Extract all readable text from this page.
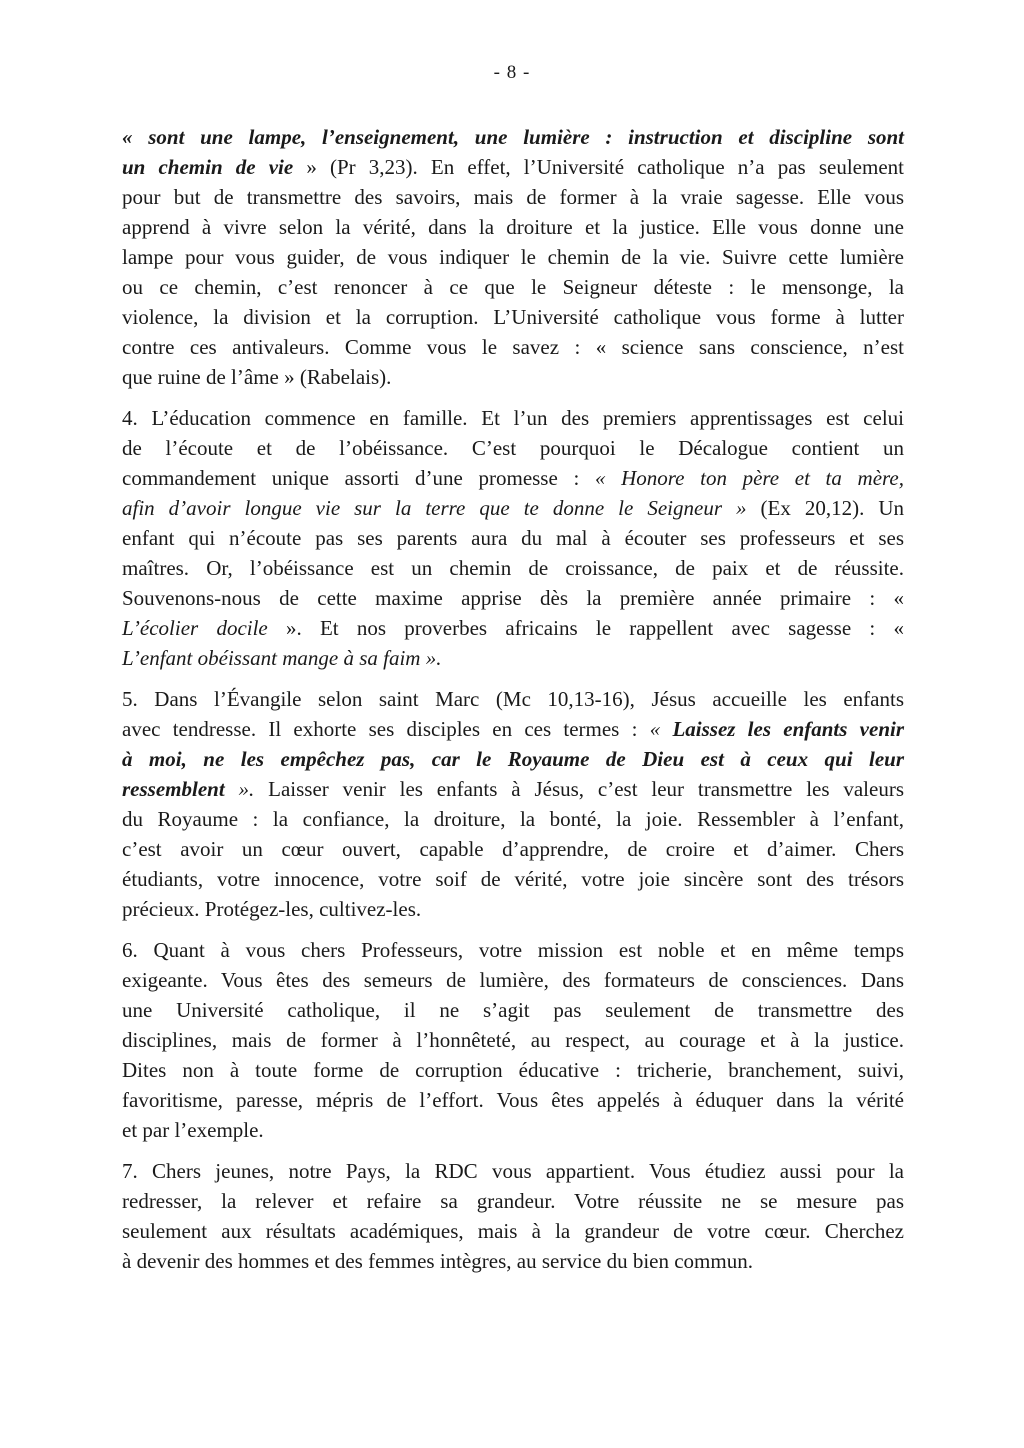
- 8 -
« sont une lampe, l’enseignement, une lumière : instruction et discipline sont
un chemin de vie » (Pr 3,23). En effet, l’Université catholique n’a pas seulement
pour but de transmettre des savoirs, mais de former à la vraie sagesse. Elle vous
apprend à vivre selon la vérité, dans la droiture et la justice. Elle vous donne une
lampe pour vous guider, de vous indiquer le chemin de la vie. Suivre cette lumière
ou ce chemin, c’est renoncer à ce que le Seigneur déteste : le mensonge, la
violence, la division et la corruption. L’Université catholique vous forme à lutter
contre ces antivaleurs. Comme vous le savez : « science sans conscience, n’est
que ruine de l’âme » (Rabelais).
4. L’éducation commence en famille. Et l’un des premiers apprentissages est celui
de l’écoute et de l’obéissance. C’est pourquoi le Décalogue contient un
commandement unique assorti d’une promesse : « Honore ton père et ta mère,
afin d’avoir longue vie sur la terre que te donne le Seigneur » (Ex 20,12). Un
enfant qui n’écoute pas ses parents aura du mal à écouter ses professeurs et ses
maîtres. Or, l’obéissance est un chemin de croissance, de paix et de réussite.
Souvenons-nous de cette maxime apprise dès la première année primaire : «
L’écolier docile ». Et nos proverbes africains le rappellent avec sagesse : «
L’enfant obéissant mange à sa faim ».
5. Dans l’Évangile selon saint Marc (Mc 10,13-16), Jésus accueille les enfants
avec tendresse. Il exhorte ses disciples en ces termes : « Laissez les enfants venir
à moi, ne les empêchez pas, car le Royaume de Dieu est à ceux qui leur
ressemblent ». Laisser venir les enfants à Jésus, c’est leur transmettre les valeurs
du Royaume : la confiance, la droiture, la bonté, la joie. Ressembler à l’enfant,
c’est avoir un cœur ouvert, capable d’apprendre, de croire et d’aimer. Chers
étudiants, votre innocence, votre soif de vérité, votre joie sincère sont des trésors
précieux. Protégez-les, cultivez-les.
6. Quant à vous chers Professeurs, votre mission est noble et en même temps
exigeante. Vous êtes des semeurs de lumière, des formateurs de consciences. Dans
une Université catholique, il ne s’agit pas seulement de transmettre des
disciplines, mais de former à l’honnêteté, au respect, au courage et à la justice.
Dites non à toute forme de corruption éducative : tricherie, branchement, suivi,
favoritisme, paresse, mépris de l’effort. Vous êtes appelés à éduquer dans la vérité
et par l’exemple.
7. Chers jeunes, notre Pays, la RDC vous appartient. Vous étudiez aussi pour la
redresser, la relever et refaire sa grandeur. Votre réussite ne se mesure pas
seulement aux résultats académiques, mais à la grandeur de votre cœur. Cherchez
à devenir des hommes et des femmes intègres, au service du bien commun.
